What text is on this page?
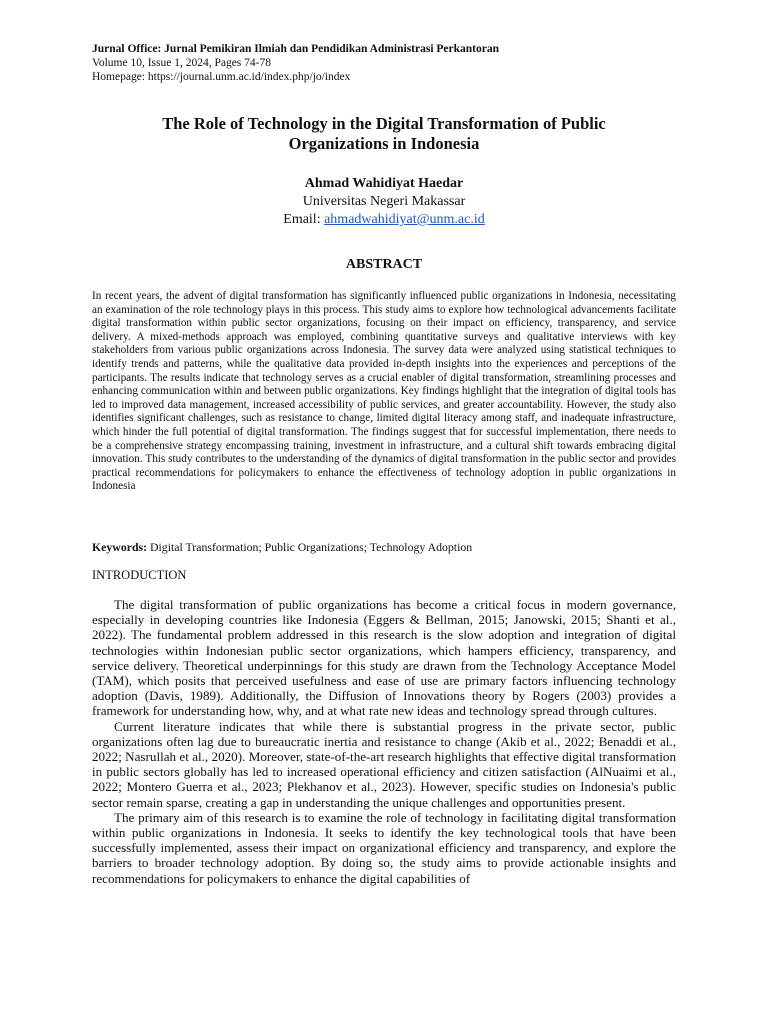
Jurnal Office: Jurnal Pemikiran Ilmiah dan Pendidikan Administrasi Perkantoran
Volume 10, Issue 1, 2024, Pages 74-78
Homepage: https://journal.unm.ac.id/index.php/jo/index
The Role of Technology in the Digital Transformation of Public
Organizations in Indonesia
Ahmad Wahidiyat Haedar
Universitas Negeri Makassar
Email: ahmadwahidiyat@unm.ac.id
ABSTRACT

In recent years, the advent of digital transformation has significantly influenced public organizations in Indonesia, necessitating an examination of the role technology plays in this process. This study aims to explore how technological advancements facilitate digital transformation within public sector organizations, focusing on their impact on efficiency, transparency, and service delivery. A mixed-methods approach was employed, combining quantitative surveys and qualitative interviews with key stakeholders from various public organizations across Indonesia. The survey data were analyzed using statistical techniques to identify trends and patterns, while the qualitative data provided in-depth insights into the experiences and perceptions of the participants. The results indicate that technology serves as a crucial enabler of digital transformation, streamlining processes and enhancing communication within and between public organizations. Key findings highlight that the integration of digital tools has led to improved data management, increased accessibility of public services, and greater accountability. However, the study also identifies significant challenges, such as resistance to change, limited digital literacy among staff, and inadequate infrastructure, which hinder the full potential of digital transformation. The findings suggest that for successful implementation, there needs to be a comprehensive strategy encompassing training, investment in infrastructure, and a cultural shift towards embracing digital innovation. This study contributes to the understanding of the dynamics of digital transformation in the public sector and provides practical recommendations for policymakers to enhance the effectiveness of technology adoption in public organizations in Indonesia

Keywords: Digital Transformation; Public Organizations; Technology Adoption
INTRODUCTION

The digital transformation of public organizations has become a critical focus in modern governance, especially in developing countries like Indonesia (Eggers & Bellman, 2015; Janowski, 2015; Shanti et al., 2022). The fundamental problem addressed in this research is the slow adoption and integration of digital technologies within Indonesian public sector organizations, which hampers efficiency, transparency, and service delivery. Theoretical underpinnings for this study are drawn from the Technology Acceptance Model (TAM), which posits that perceived usefulness and ease of use are primary factors influencing technology adoption (Davis, 1989). Additionally, the Diffusion of Innovations theory by Rogers (2003) provides a framework for understanding how, why, and at what rate new ideas and technology spread through cultures.

Current literature indicates that while there is substantial progress in the private sector, public organizations often lag due to bureaucratic inertia and resistance to change (Akib et al., 2022; Benaddi et al., 2022; Nasrullah et al., 2020). Moreover, state-of-the-art research highlights that effective digital transformation in public sectors globally has led to increased operational efficiency and citizen satisfaction (AlNuaimi et al., 2022; Montero Guerra et al., 2023; Plekhanov et al., 2023). However, specific studies on Indonesia's public sector remain sparse, creating a gap in understanding the unique challenges and opportunities present.

The primary aim of this research is to examine the role of technology in facilitating digital transformation within public organizations in Indonesia. It seeks to identify the key technological tools that have been successfully implemented, assess their impact on organizational efficiency and transparency, and explore the barriers to broader technology adoption. By doing so, the study aims to provide actionable insights and recommendations for policymakers to enhance the digital capabilities of
